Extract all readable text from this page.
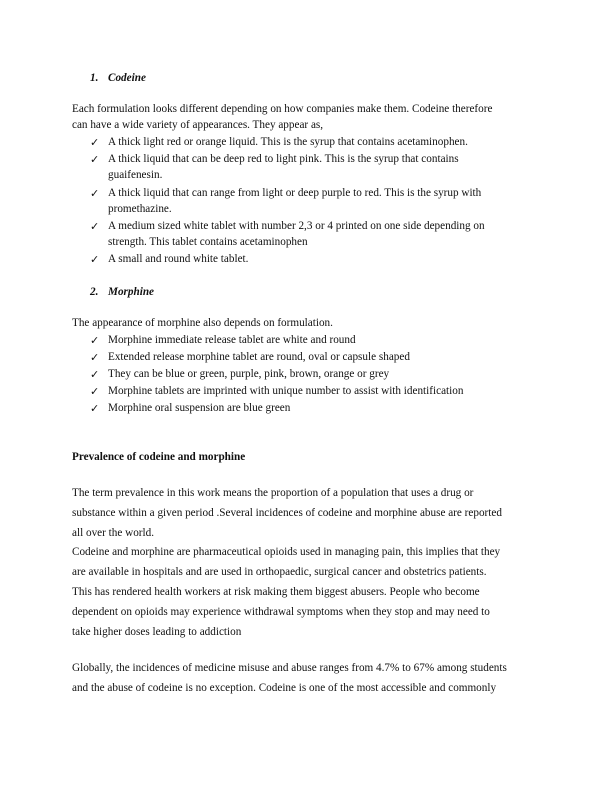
1. Codeine
Each formulation looks different depending on how companies make them. Codeine therefore
can have a wide variety of appearances. They appear as,
✓ A thick light red or orange liquid. This is the syrup that contains acetaminophen.
✓ A thick liquid that can be deep red to light pink. This is the syrup that contains
guaifenesin.
✓ A thick liquid that can range from light or deep purple to red. This is the syrup with
promethazine.
✓ A medium sized white tablet with number 2,3 or 4 printed on one side depending on
strength. This tablet contains acetaminophen
✓ A small and round white tablet.
2. Morphine
The appearance of morphine also depends on formulation.
✓ Morphine immediate release tablet are white and round
✓ Extended release morphine tablet are round, oval or capsule shaped
✓ They can be blue or green, purple, pink, brown, orange or grey
✓ Morphine tablets are imprinted with unique number to assist with identification
✓ Morphine oral suspension are blue green
Prevalence of codeine and morphine
The term prevalence in this work means the proportion of a population that uses a drug or
substance within a given period .Several incidences of codeine and morphine abuse are reported
all over the world.
Codeine and morphine are pharmaceutical opioids used in managing pain, this implies that they
are available in hospitals and are used in orthopaedic, surgical cancer and obstetrics patients.
This has rendered health workers at risk making them biggest abusers. People who become
dependent on opioids may experience withdrawal symptoms when they stop and may need to
take higher doses leading to addiction
Globally, the incidences of medicine misuse and abuse ranges from 4.7% to 67% among students
and the abuse of codeine is no exception. Codeine is one of the most accessible and commonly
